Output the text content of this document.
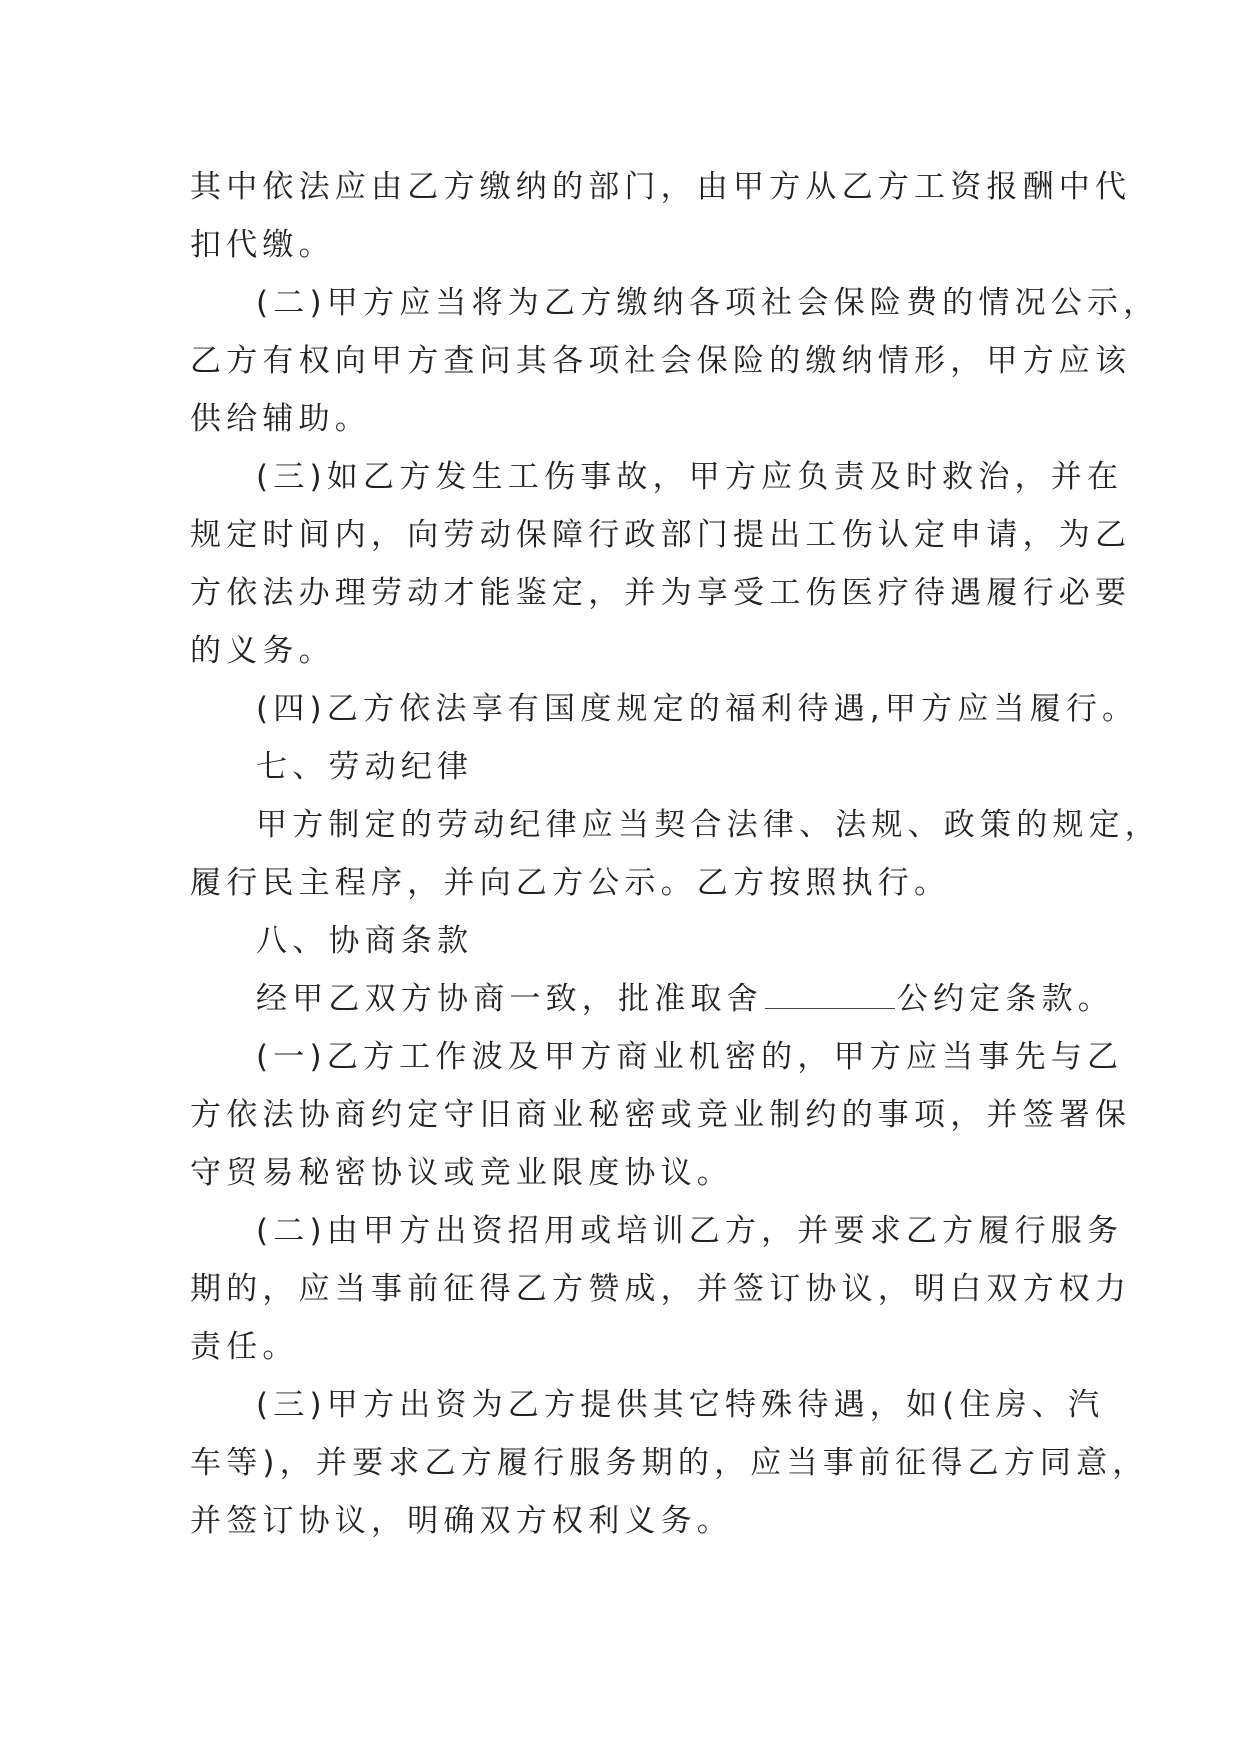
其中依法应由乙方缴纳的部门，由甲方从乙方工资报酬中代
扣代缴。

(二)甲方应当将为乙方缴纳各项社会保险费的情况公示，
乙方有权向甲方查问其各项社会保险的缴纳情形，甲方应该
供给辅助。

(三)如乙方发生工伤事故，甲方应负责及时救治，并在
规定时间内，向劳动保障行政部门提出工伤认定申请，为乙
方依法办理劳动才能鉴定，并为享受工伤医疗待遇履行必要
的义务。

(四)乙方依法享有国度规定的福利待遇,甲方应当履行。

七、劳动纪律

甲方制定的劳动纪律应当契合法律、法规、政策的规定，
履行民主程序，并向乙方公示。乙方按照执行。

八、协商条款

经甲乙双方协商一致，批准取舍	公约定条款。

(一)乙方工作波及甲方商业机密的，甲方应当事先与乙
方依法协商约定守旧商业秘密或竞业制约的事项，并签署保
守贸易秘密协议或竞业限度协议。

(二)由甲方出资招用或培训乙方，并要求乙方履行服务
期的，应当事前征得乙方赞成，并签订协议，明白双方权力
责任。

(三)甲方出资为乙方提供其它特殊待遇，如(住房、汽
车等)，并要求乙方履行服务期的，应当事前征得乙方同意，
并签订协议，明确双方权利义务。
